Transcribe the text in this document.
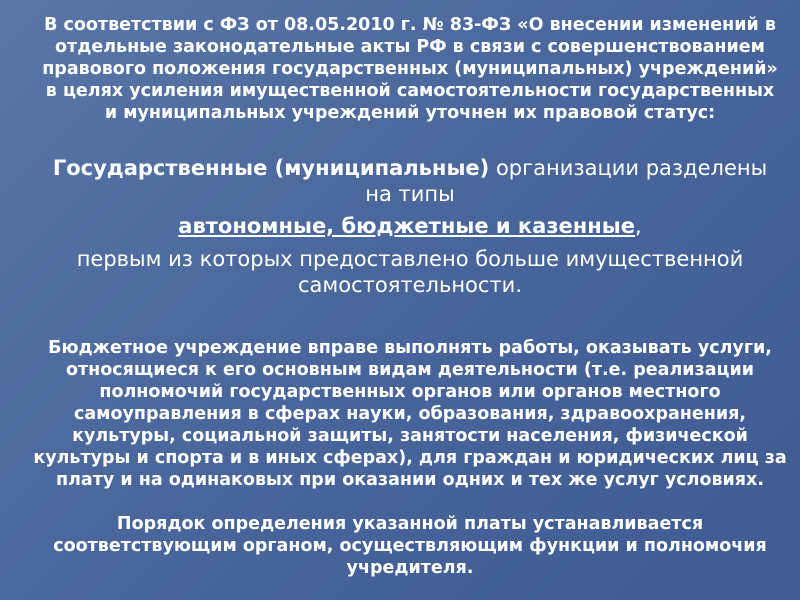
В соответствии с ФЗ от 08.05.2010 г. № 83-ФЗ «О внесении изменений в отдельные законодательные акты РФ в связи с совершенствованием правового положения государственных (муниципальных) учреждений» в целях усиления имущественной самостоятельности государственных и муниципальных учреждений уточнен их правовой статус:
Государственные (муниципальные) организации разделены на типы
автономные, бюджетные и казенные,
первым из которых предоставлено больше имущественной самостоятельности.
Бюджетное учреждение вправе выполнять работы, оказывать услуги, относящиеся к его основным видам деятельности (т.е. реализации полномочий государственных органов или органов местного самоуправления в сферах науки, образования, здравоохранения, культуры, социальной защиты, занятости населения, физической культуры и спорта и в иных сферах), для граждан и юридических лиц за плату и на одинаковых при оказании одних и тех же услуг условиях.
Порядок определения указанной платы устанавливается соответствующим органом, осуществляющим функции и полномочия учредителя.
